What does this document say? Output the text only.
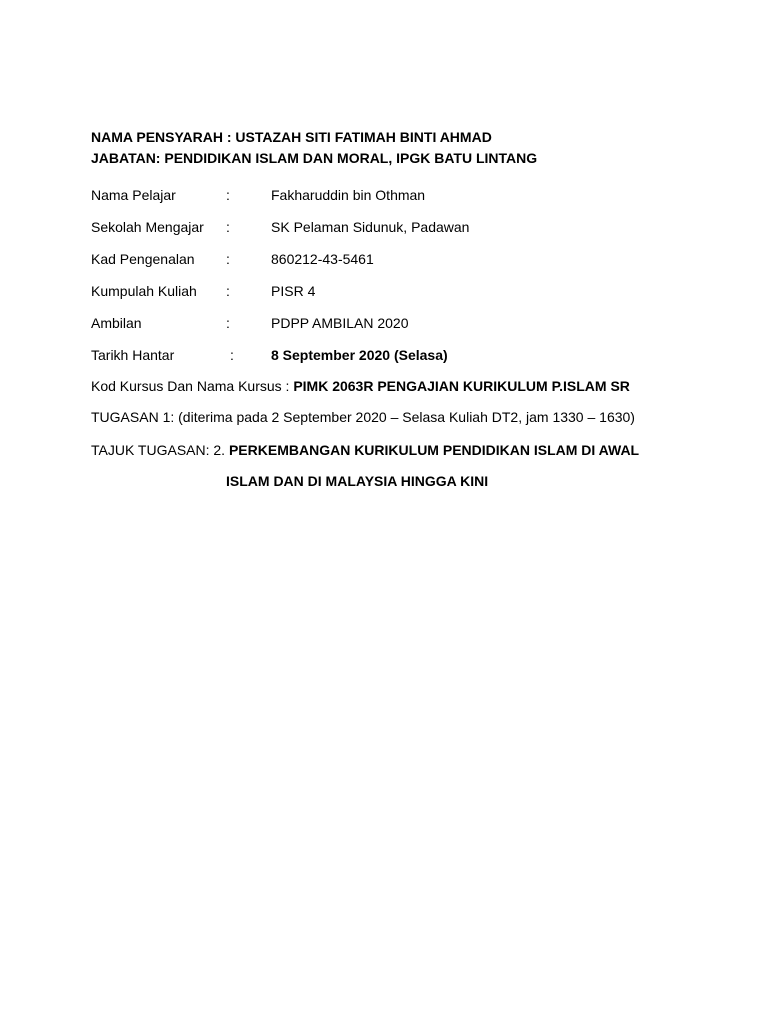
NAMA PENSYARAH : USTAZAH SITI FATIMAH BINTI AHMAD
JABATAN: PENDIDIKAN ISLAM DAN MORAL, IPGK BATU LINTANG
Nama Pelajar	:	Fakharuddin bin Othman
Sekolah Mengajar :	SK Pelaman Sidunuk, Padawan
Kad Pengenalan :	860212-43-5461
Kumpulah Kuliah :	PISR 4
Ambilan	:	PDPP AMBILAN 2020
Tarikh Hantar	:	8 September 2020 (Selasa)
Kod Kursus Dan Nama Kursus : PIMK 2063R PENGAJIAN KURIKULUM P.ISLAM SR
TUGASAN 1: (diterima pada 2 September 2020 – Selasa Kuliah DT2, jam 1330 – 1630)
TAJUK TUGASAN: 2. PERKEMBANGAN KURIKULUM PENDIDIKAN ISLAM DI AWAL
ISLAM DAN DI MALAYSIA HINGGA KINI
